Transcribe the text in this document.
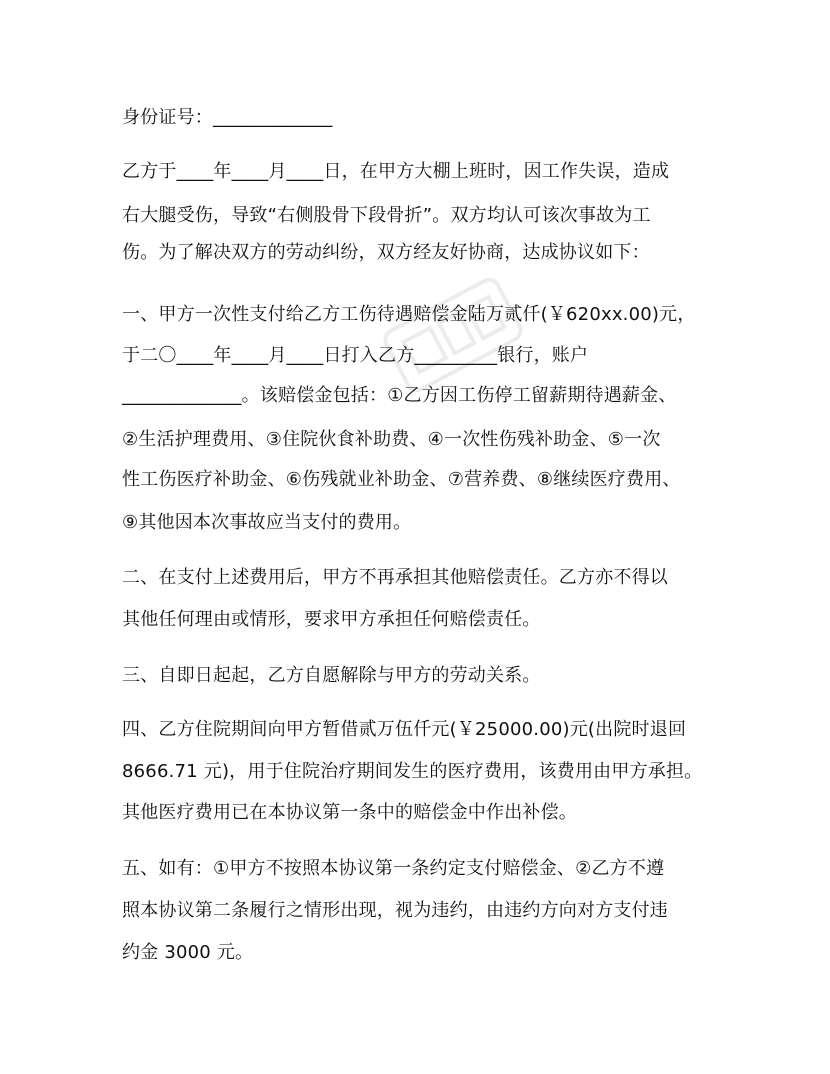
身份证号：_____________
乙方于____年____月____日，在甲方大棚上班时，因工作失误，造成
右大腿受伤，导致“右侧股骨下段骨折”。双方均认可该次事故为工
伤。为了解决双方的劳动纠纷，双方经友好协商，达成协议如下：
一、甲方一次性支付给乙方工伤待遇赔偿金陆万贰仟(￥620xx.00)元，
于二〇____年____月____日打入乙方_________银行，账户
_____________。该赔偿金包括：①乙方因工伤停工留薪期待遇薪金、
②生活护理费用、③住院伙食补助费、④一次性伤残补助金、⑤一次
性工伤医疗补助金、⑥伤残就业补助金、⑦营养费、⑧继续医疗费用、
⑨其他因本次事故应当支付的费用。
二、在支付上述费用后，甲方不再承担其他赔偿责任。乙方亦不得以
其他任何理由或情形，要求甲方承担任何赔偿责任。
三、自即日起起，乙方自愿解除与甲方的劳动关系。
四、乙方住院期间向甲方暂借贰万伍仟元(￥25000.00)元(出院时退回
8666.71 元)，用于住院治疗期间发生的医疗费用，该费用由甲方承担。
其他医疗费用已在本协议第一条中的赔偿金中作出补偿。
五、如有：①甲方不按照本协议第一条约定支付赔偿金、②乙方不遵
照本协议第二条履行之情形出现，视为违约，由违约方向对方支付违
约金 3000 元。
